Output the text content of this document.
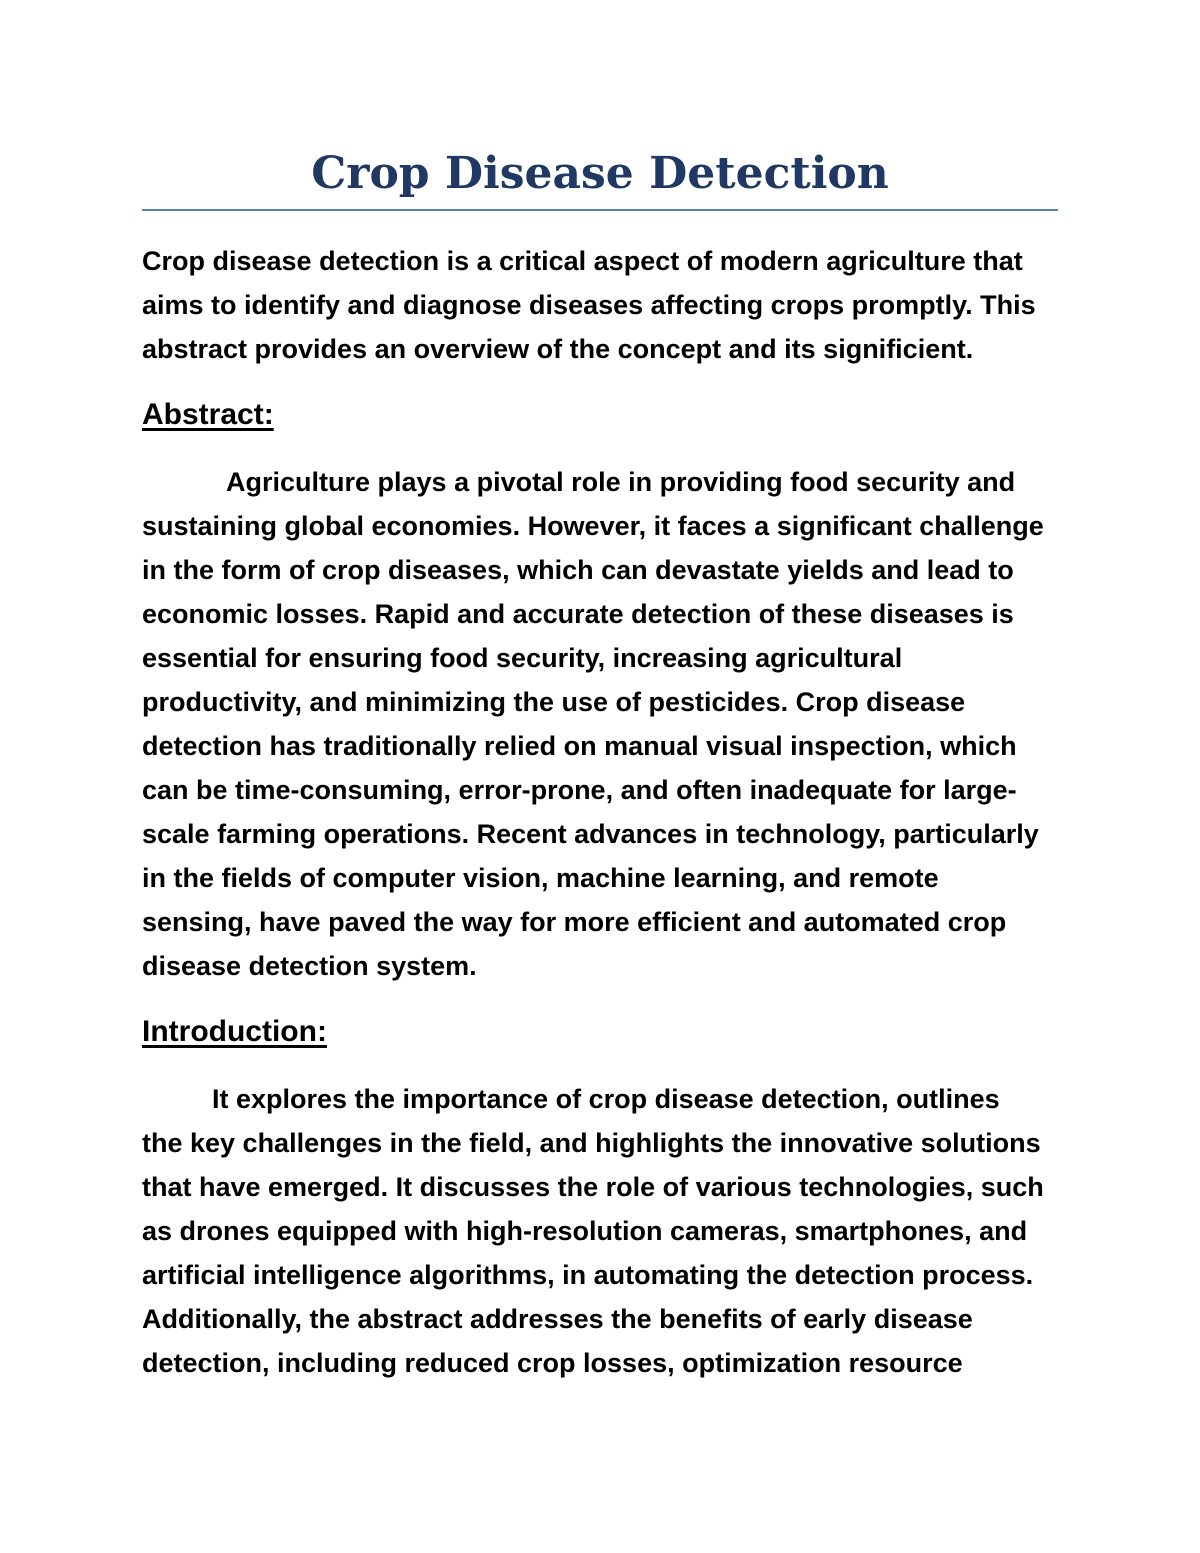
Crop Disease Detection
Crop disease detection is a critical aspect of modern agriculture that
aims to identify and diagnose diseases affecting crops promptly. This
abstract provides an overview of the concept and its significient.
Abstract:
Agriculture plays a pivotal role in providing food security and
sustaining global economies. However, it faces a significant challenge
in the form of crop diseases, which can devastate yields and lead to
economic losses. Rapid and accurate detection of these diseases is
essential for ensuring food security, increasing agricultural
productivity, and minimizing the use of pesticides. Crop disease
detection has traditionally relied on manual visual inspection, which
can be time-consuming, error-prone, and often inadequate for large-
scale farming operations. Recent advances in technology, particularly
in the fields of computer vision, machine learning, and remote
sensing, have paved the way for more efficient and automated crop
disease detection system.
Introduction:
It explores the importance of crop disease detection, outlines
the key challenges in the field, and highlights the innovative solutions
that have emerged. It discusses the role of various technologies, such
as drones equipped with high-resolution cameras, smartphones, and
artificial intelligence algorithms, in automating the detection process.
Additionally, the abstract addresses the benefits of early disease
detection, including reduced crop losses, optimization resource
